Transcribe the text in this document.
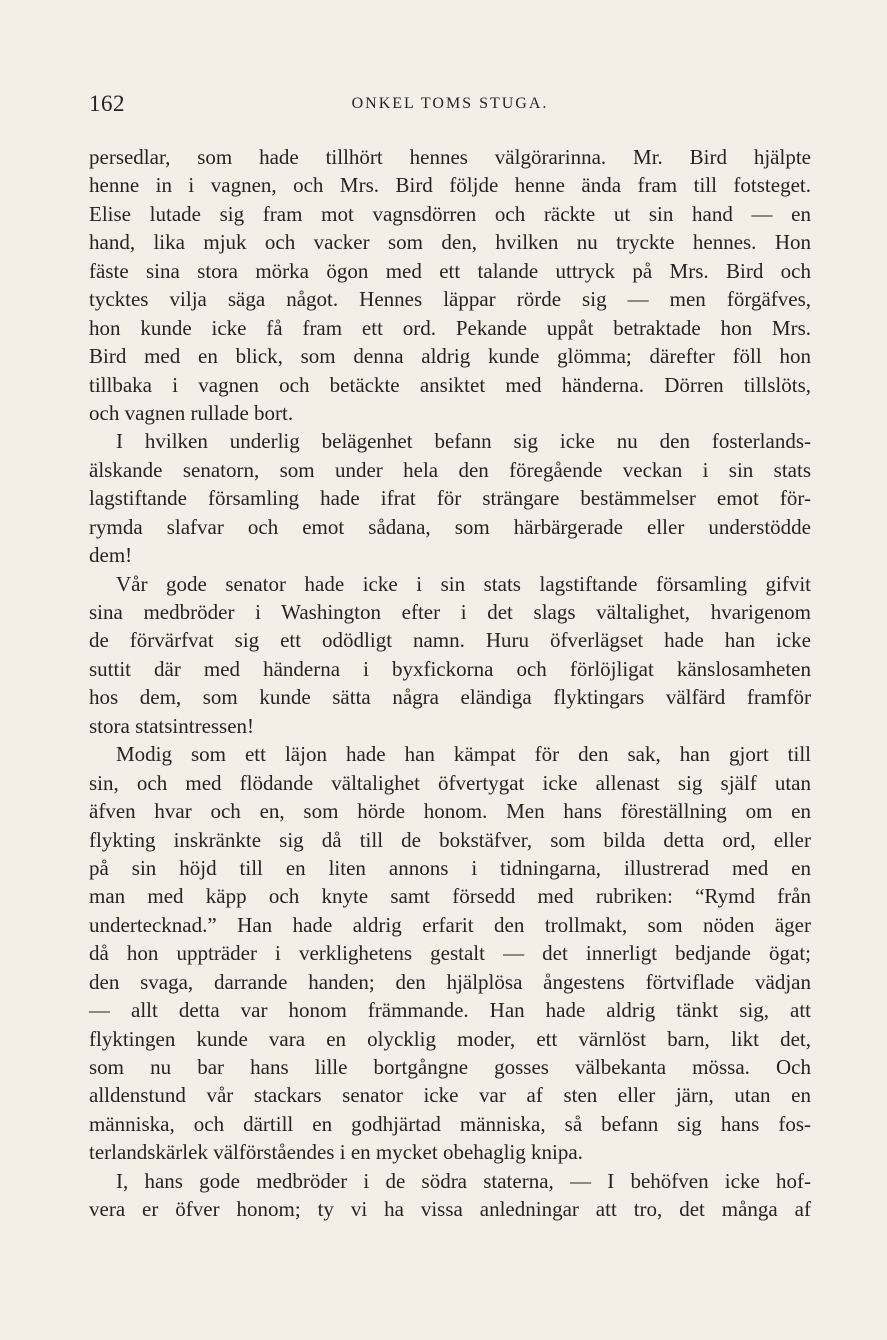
162	ONKEL TOMS STUGA.
persedlar, som hade tillhört hennes välgörarinna. Mr. Bird hjälpte
henne in i vagnen, och Mrs. Bird följde henne ända fram till fotsteget.
Elise lutade sig fram mot vagnsdörren och räckte ut sin hand — en
hand, lika mjuk och vacker som den, hvilken nu tryckte hennes. Hon
fäste sina stora mörka ögon med ett talande uttryck på Mrs. Bird och
tycktes vilja säga något. Hennes läppar rörde sig — men förgäfves,
hon kunde icke få fram ett ord. Pekande uppåt betraktade hon Mrs.
Bird med en blick, som denna aldrig kunde glömma; därefter föll hon
tillbaka i vagnen och betäckte ansiktet med händerna. Dörren tillslöts,
och vagnen rullade bort.
I hvilken underlig belägenhet befann sig icke nu den fosterlands-
älskande senatorn, som under hela den föregående veckan i sin stats
lagstiftande församling hade ifrat för strängare bestämmelser emot för-
rymda slafvar och emot sådana, som härbärgerade eller understödde
dem!
Vår gode senator hade icke i sin stats lagstiftande församling gifvit
sina medbröder i Washington efter i det slags vältalighet, hvarigenom
de förvärfvat sig ett odödligt namn. Huru öfverlägset hade han icke
suttit där med händerna i byxfickorna och förlöjligat känslosamheten
hos dem, som kunde sätta några eländiga flyktingars välfärd framför
stora statsintressen!
Modig som ett läjon hade han kämpat för den sak, han gjort till
sin, och med flödande vältalighet öfvertygat icke allenast sig själf utan
äfven hvar och en, som hörde honom. Men hans föreställning om en
flykting inskränkte sig då till de bokstäfver, som bilda detta ord, eller
på sin höjd till en liten annons i tidningarna, illustrerad med en
man med käpp och knyte samt försedd med rubriken: “Rymd från
undertecknad.” Han hade aldrig erfarit den trollmakt, som nöden äger
då hon uppträder i verklighetens gestalt — det innerligt bedjande ögat;
den svaga, darrande handen; den hjälplösa ångestens förtviflade vädjan
— allt detta var honom främmande. Han hade aldrig tänkt sig, att
flyktingen kunde vara en olycklig moder, ett värnlöst barn, likt det,
som nu bar hans lille bortgångne gosses välbekanta mössa. Och
alldenstund vår stackars senator icke var af sten eller järn, utan en
människa, och därtill en godhjärtad människa, så befann sig hans fos-
terlandskärlek välförståendes i en mycket obehaglig knipa.
I, hans gode medbröder i de södra staterna, — I behöfven icke hof-
vera er öfver honom; ty vi ha vissa anledningar att tro, det många af
